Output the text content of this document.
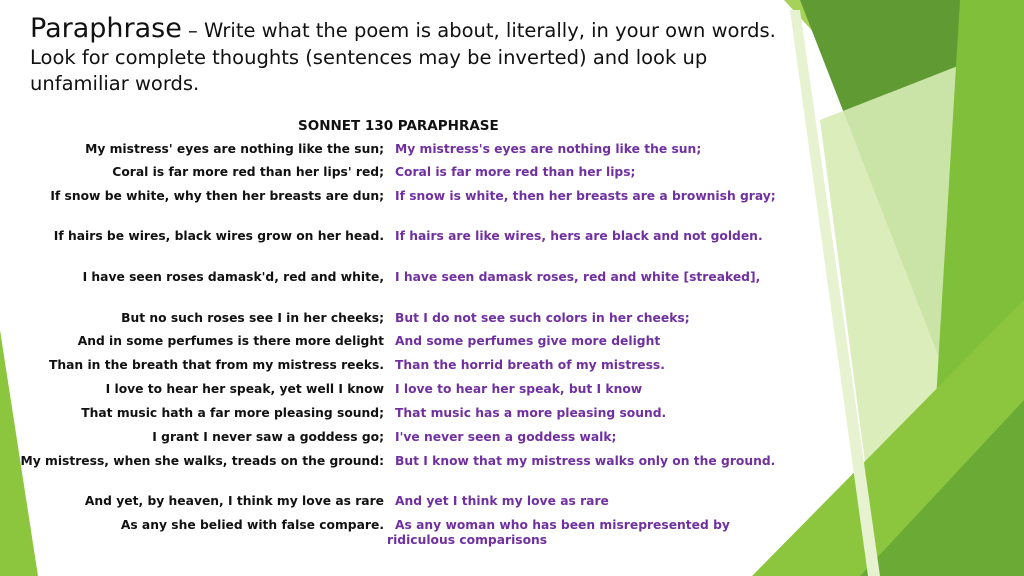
Paraphrase – Write what the poem is about, literally, in your own words. Look for complete thoughts (sentences may be inverted) and look up unfamiliar words.
SONNET 130 PARAPHRASE
My mistress' eyes are nothing like the sun; My mistress's eyes are nothing like the sun;
Coral is far more red than her lips' red; Coral is far more red than her lips;
If snow be white, why then her breasts are dun; If snow is white, then her breasts are a brownish gray;
If hairs be wires, black wires grow on her head. If hairs are like wires, hers are black and not golden.
I have seen roses damask'd, red and white, I have seen damask roses, red and white [streaked],
But no such roses see I in her cheeks; But I do not see such colors in her cheeks;
And in some perfumes is there more delight And some perfumes give more delight
Than in the breath that from my mistress reeks. Than the horrid breath of my mistress.
I love to hear her speak, yet well I know I love to hear her speak, but I know
That music hath a far more pleasing sound; That music has a more pleasing sound.
I grant I never saw a goddess go; I've never seen a goddess walk;
My mistress, when she walks, treads on the ground: But I know that my mistress walks only on the ground.
And yet, by heaven, I think my love as rare And yet I think my love as rare
As any she belied with false compare. As any woman who has been misrepresented by
ridiculous comparisons
